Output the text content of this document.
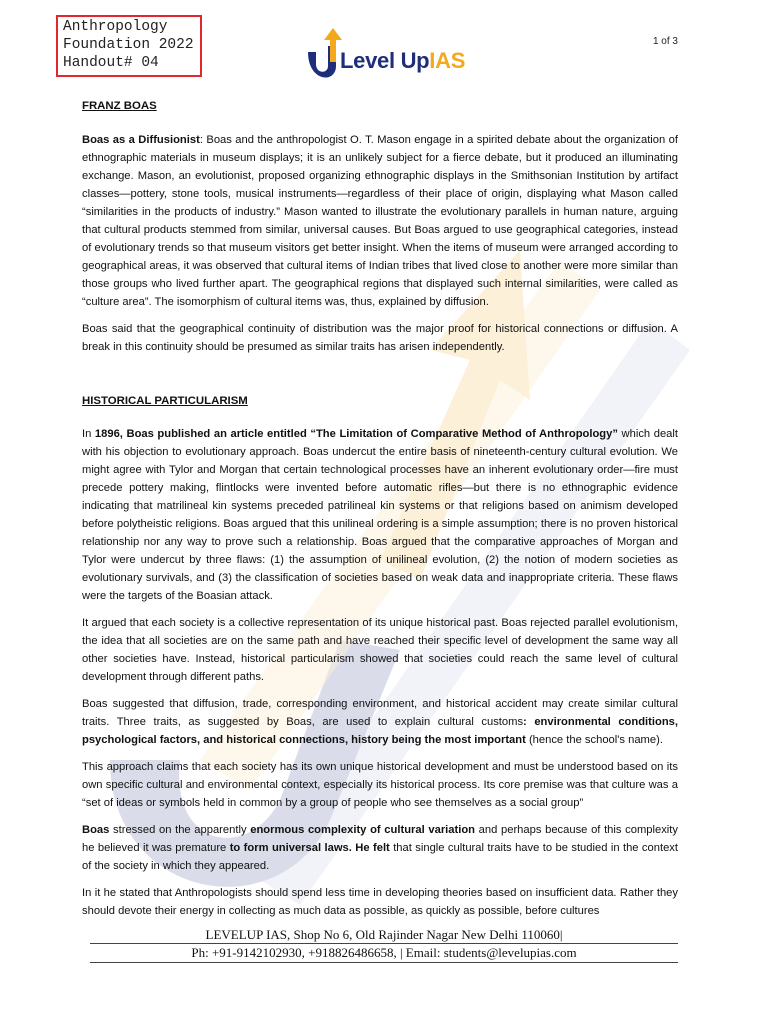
Anthropology
Foundation 2022
Handout# 04
1 of 3
Level UpIAS

FRANZ BOAS

Boas as a Diffusionist: Boas and the anthropologist O. T. Mason engage in a spirited debate about the organization of ethnographic materials in museum displays; it is an unlikely subject for a fierce debate, but it produced an illuminating exchange. Mason, an evolutionist, proposed organizing ethnographic displays in the Smithsonian Institution by artifact classes—pottery, stone tools, musical instruments—regardless of their place of origin, displaying what Mason called “similarities in the products of industry.” Mason wanted to illustrate the evolutionary parallels in human nature, arguing that cultural products stemmed from similar, universal causes. But Boas argued to use geographical categories, instead of evolutionary trends so that museum visitors get better insight. When the items of museum were arranged according to geographical areas, it was observed that cultural items of Indian tribes that lived close to another were more similar than those groups who lived further apart. The geographical regions that displayed such internal similarities, were called as “culture area”. The isomorphism of cultural items was, thus, explained by diffusion.

Boas said that the geographical continuity of distribution was the major proof for historical connections or diffusion. A break in this continuity should be presumed as similar traits has arisen independently.

HISTORICAL PARTICULARISM

In 1896, Boas published an article entitled “The Limitation of Comparative Method of Anthropology” which dealt with his objection to evolutionary approach. Boas undercut the entire basis of nineteenth-century cultural evolution. We might agree with Tylor and Morgan that certain technological processes have an inherent evolutionary order—fire must precede pottery making, flintlocks were invented before automatic rifles—but there is no ethnographic evidence indicating that matrilineal kin systems preceded patrilineal kin systems or that religions based on animism developed before polytheistic religions. Boas argued that this unilineal ordering is a simple assumption; there is no proven historical relationship nor any way to prove such a relationship. Boas argued that the comparative approaches of Morgan and Tylor were undercut by three flaws: (1) the assumption of unilineal evolution, (2) the notion of modern societies as evolutionary survivals, and (3) the classification of societies based on weak data and inappropriate criteria. These flaws were the targets of the Boasian attack.

It argued that each society is a collective representation of its unique historical past. Boas rejected parallel evolutionism, the idea that all societies are on the same path and have reached their specific level of development the same way all other societies have. Instead, historical particularism showed that societies could reach the same level of cultural development through different paths.

Boas suggested that diffusion, trade, corresponding environment, and historical accident may create similar cultural traits. Three traits, as suggested by Boas, are used to explain cultural customs: environmental conditions, psychological factors, and historical connections, history being the most important (hence the school's name).

This approach claims that each society has its own unique historical development and must be understood based on its own specific cultural and environmental context, especially its historical process. Its core premise was that culture was a “set of ideas or symbols held in common by a group of people who see themselves as a social group”

Boas stressed on the apparently enormous complexity of cultural variation and perhaps because of this complexity he believed it was premature to form universal laws. He felt that single cultural traits have to be studied in the context of the society in which they appeared.

In it he stated that Anthropologists should spend less time in developing theories based on insufficient data. Rather they should devote their energy in collecting as much data as possible, as quickly as possible, before cultures

LEVELUP IAS, Shop No 6, Old Rajinder Nagar New Delhi 110060|
Ph: +91-9142102930, +918826486658, | Email: students@levelupias.com
